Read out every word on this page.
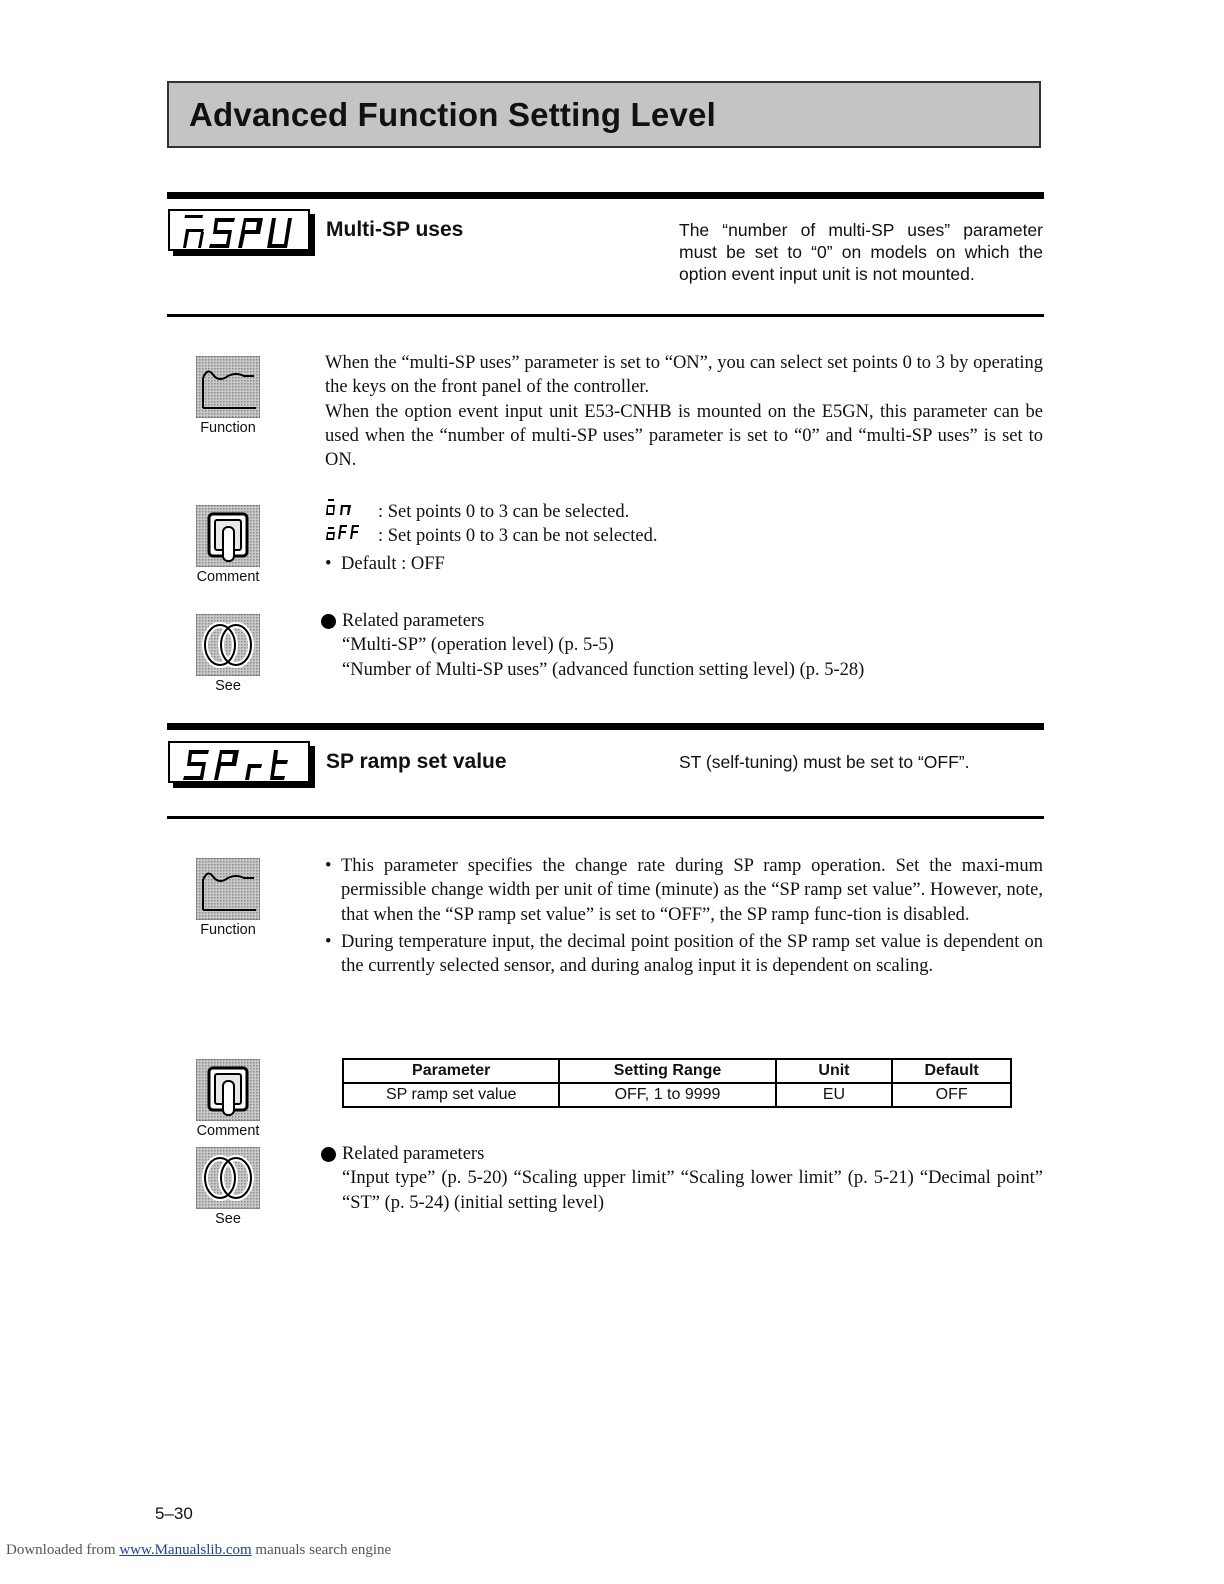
Advanced Function Setting Level
Multi-SP uses	The “number of multi-SP uses” parameter must be set to “0” on models on which the option event input unit is not mounted.
Function

When the “multi-SP uses” parameter is set to “ON”, you can select set points 0 to 3 by operating the keys on the front panel of the controller.

When the option event input unit E53-CNHB is mounted on the E5GN, this parameter can be used when the “number of multi-SP uses” parameter is set to “0” and “multi-SP uses” is set to ON.

Comment
: Set points 0 to 3 can be selected.
: Set points 0 to 3 can be not selected.
• Default : OFF
See
Related parameters
“Multi-SP” (operation level) (p. 5-5)
“Number of Multi-SP uses” (advanced function setting level) (p. 5-28)
SP ramp set value	ST (self-tuning) must be set to “OFF”.
Function
• This parameter specifies the change rate during SP ramp operation. Set the maxi-mum permissible change width per unit of time (minute) as the “SP ramp set value”. However, note, that when the “SP ramp set value” is set to “OFF”, the SP ramp func-tion is disabled.
• During temperature input, the decimal point position of the SP ramp set value is dependent on the currently selected sensor, and during analog input it is dependent on scaling.
Comment
Parameter	Setting Range	Unit	Default
SP ramp set value	OFF, 1 to 9999	EU	OFF
See
Related parameters
“Input type” (p. 5-20) “Scaling upper limit” “Scaling lower limit” (p. 5-21) “Decimal point” “ST” (p. 5-24) (initial setting level)
5–30
Downloaded from www.Manualslib.com manuals search engine
